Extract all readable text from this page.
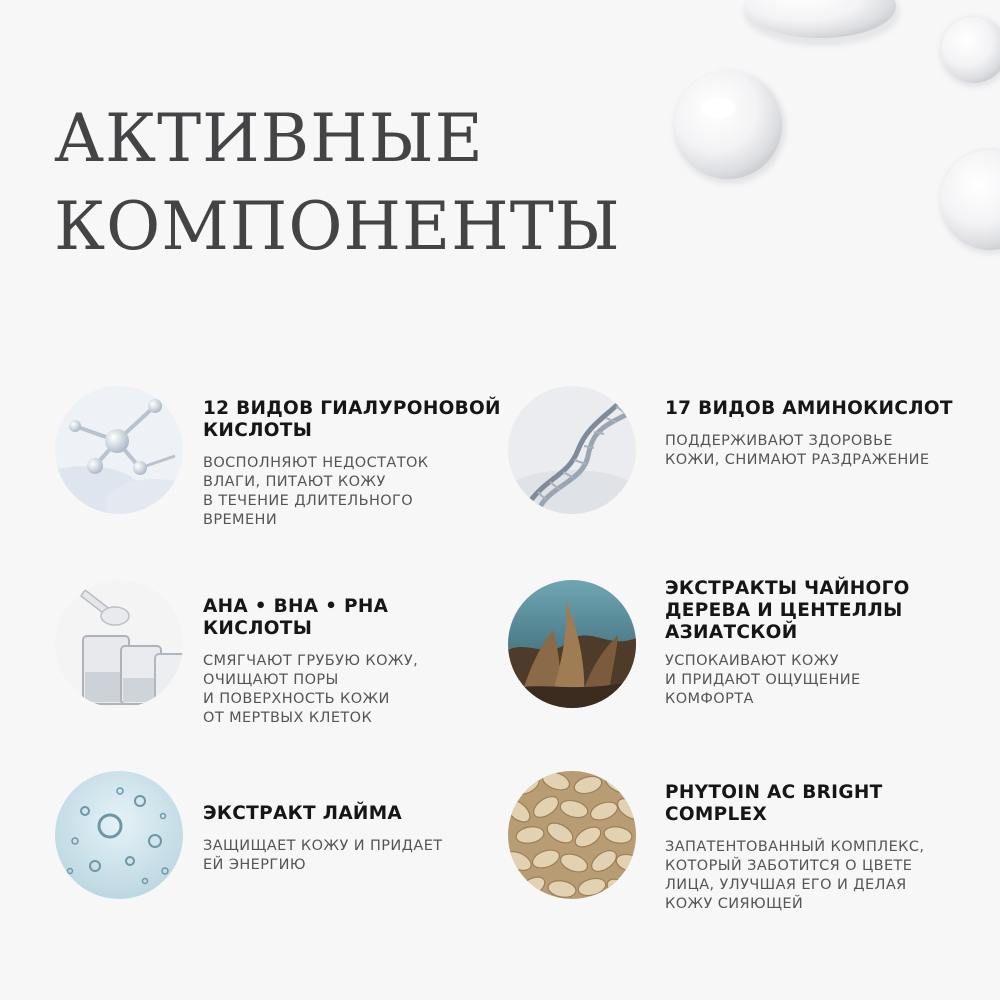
АКТИВНЫЕ
КОМПОНЕНТЫ
12 ВИДОВ ГИАЛУРОНОВОЙ
КИСЛОТЫ
ВОСПОЛНЯЮТ НЕДОСТАТОК
ВЛАГИ, ПИТАЮТ КОЖУ
В ТЕЧЕНИЕ ДЛИТЕЛЬНОГО
ВРЕМЕНИ
17 ВИДОВ АМИНОКИСЛОТ
ПОДДЕРЖИВАЮТ ЗДОРОВЬЕ
КОЖИ, СНИМАЮТ РАЗДРАЖЕНИЕ
AHA • BHA • PHA
КИСЛОТЫ
СМЯГЧАЮТ ГРУБУЮ КОЖУ,
ОЧИЩАЮТ ПОРЫ
И ПОВЕРХНОСТЬ КОЖИ
ОТ МЕРТВЫХ КЛЕТОК
ЭКСТРАКТЫ ЧАЙНОГО
ДЕРЕВА И ЦЕНТЕЛЛЫ
АЗИАТСКОЙ
УСПОКАИВАЮТ КОЖУ
И ПРИДАЮТ ОЩУЩЕНИЕ
КОМФОРТА
ЭКСТРАКТ ЛАЙМА
ЗАЩИЩАЕТ КОЖУ И ПРИДАЕТ
ЕЙ ЭНЕРГИЮ
PHYTOIN AC BRIGHT
COMPLEX
ЗАПАТЕНТОВАННЫЙ КОМПЛЕКС,
КОТОРЫЙ ЗАБОТИТСЯ О ЦВЕТЕ
ЛИЦА, УЛУЧШАЯ ЕГО И ДЕЛАЯ
КОЖУ СИЯЮЩЕЙ
